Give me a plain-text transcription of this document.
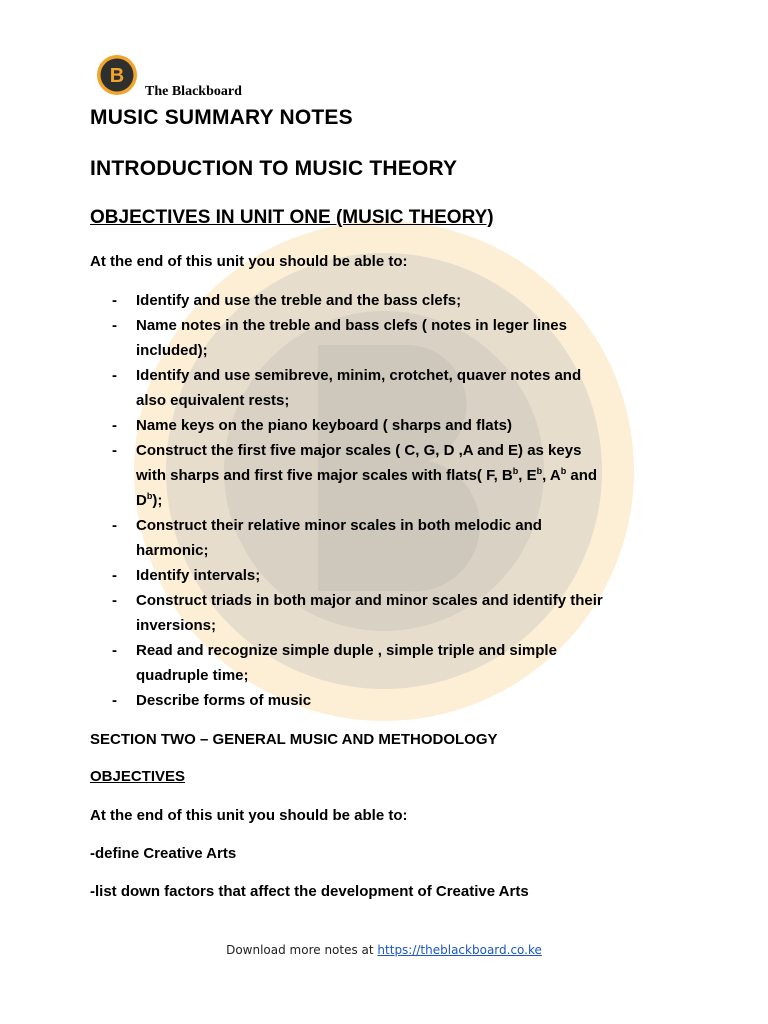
B
The Blackboard
MUSIC SUMMARY NOTES
INTRODUCTION TO MUSIC THEORY
OBJECTIVES IN UNIT ONE (MUSIC THEORY)
At the end of this unit you should be able to:
-	Identify and use the treble and the bass clefs;
-	Name notes in the treble and bass clefs ( notes in leger lines
included);
-	Identify and use semibreve, minim, crotchet, quaver notes and
also equivalent rests;
-	Name keys on the piano keyboard ( sharps and flats)
-	Construct the first five major scales ( C, G, D ,A and E) as keys
with sharps and first five major scales with flats( F, $B^b$, $E^b$, $A^b$ and
$D^b$);
-	Construct their relative minor scales in both melodic and
harmonic;
-	Identify intervals;
-	Construct triads in both major and minor scales and identify their
inversions;
-	Read and recognize simple duple , simple triple and simple
quadruple time;
-	Describe forms of music
SECTION TWO – GENERAL MUSIC AND METHODOLOGY
OBJECTIVES
At the end of this unit you should be able to:
-define Creative Arts
-list down factors that affect the development of Creative Arts
Download more notes at https://theblackboard.co.ke
